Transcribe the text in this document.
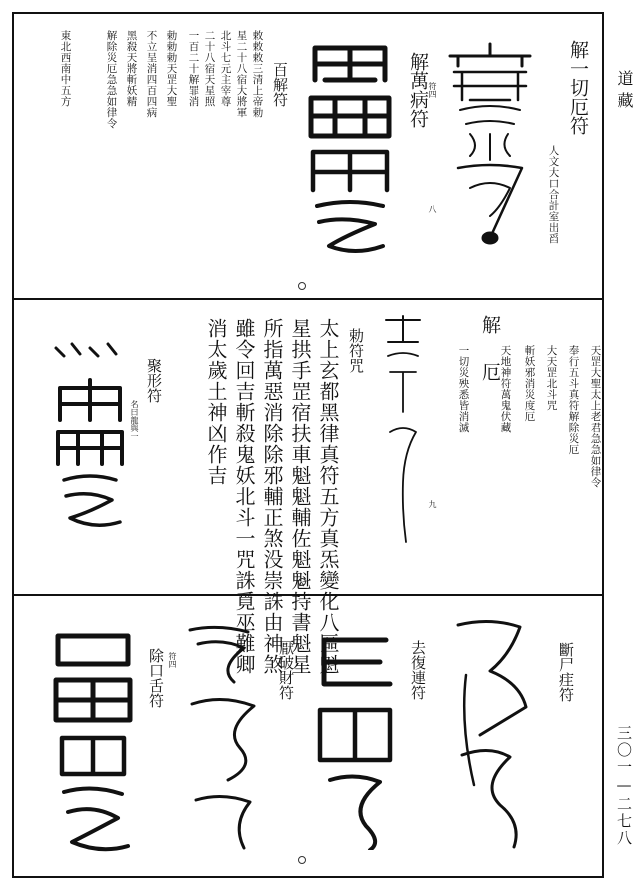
道藏
三〇一—二七八
解一切厄符
人文大口合計室出舀
解萬病符 符四
八
百解符
敕敕敕三清上帝勅
星二十八宿大將軍
北斗七元主宰尊
二十八宿天星照
一百二十解罪消
勅勅勅天罡大聖
不立呈消四百四病
黑殺天將斬妖精
解除災厄急急如律令
東北西南中五方
解厄	天罡大聖太上老君急急如律令
奉行五斗真符解除災厄
大天罡北斗咒
斬妖邪消災度厄
天地神符萬鬼伏藏
一切災殃悉皆消滅
九
勅符咒
太上玄都黑律真符五方真炁變化八區魁
星拱手罡宿扶車魁魁輔佐魁魁持書魁星
所指萬惡消除除邪輔正煞没崇誅由神煞
雖令回吉斬殺鬼妖北斗一咒誅覓巫難卿
消太歲土神凶作吉
聚形符
名曰龍與一
斷尸疰符
去復連符
厭破財符
除口舌符 符四
